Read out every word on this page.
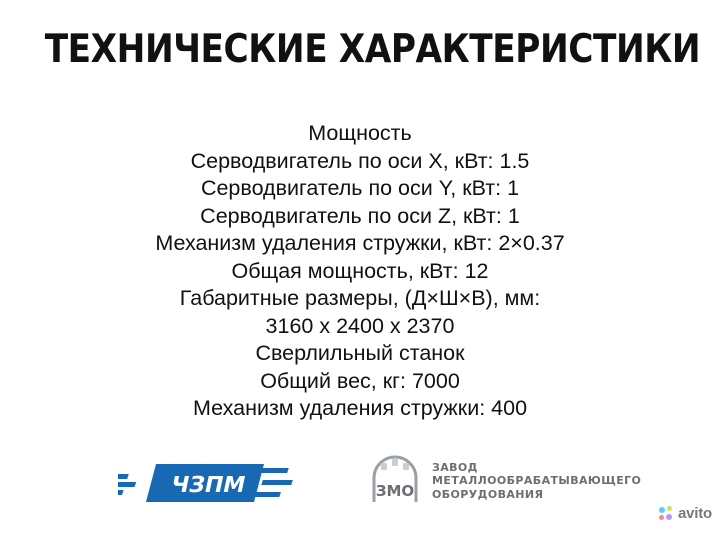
ТЕХНИЧЕСКИЕ ХАРАКТЕРИСТИКИ
Мощность
Серводвигатель по оси X, кВт: 1.5
Серводвигатель по оси Y, кВт: 1
Серводвигатель по оси Z, кВт: 1
Механизм удаления стружки, кВт: 2×0.37
Общая мощность, кВт: 12
Габаритные размеры, (Д×Ш×В), мм:
3160 х 2400 х 2370
Сверлильный станок
Общий вес, кг: 7000
Механизм удаления стружки: 400
ЧЗПМ	ЗМО
ЗАВОД
МЕТАЛЛООБРАБАТЫВАЮЩЕГО
ОБОРУДОВАНИЯ
avito
